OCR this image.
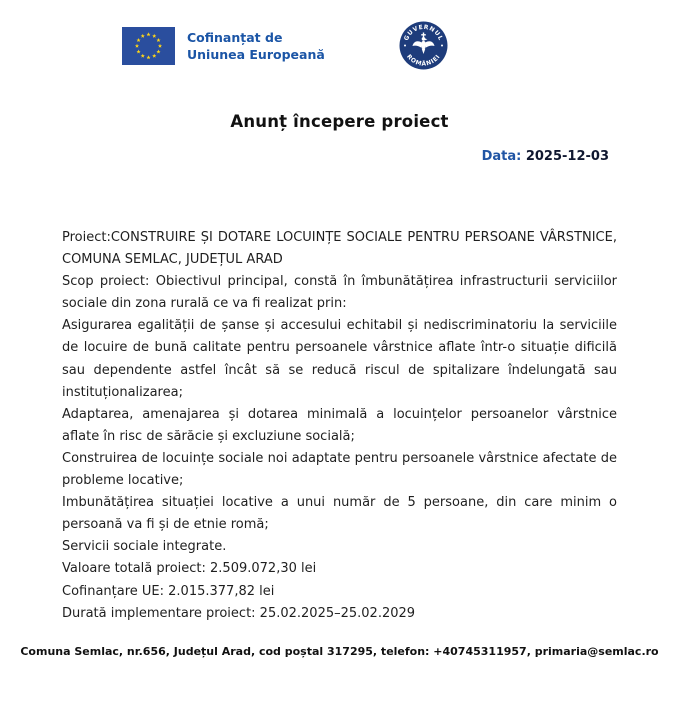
Cofinanțat de
Uniunea Europeană
GUVERNUL
ROMÂNIEI
Anunț începere proiect
Data: 2025-12-03

Proiect:CONSTRUIRE ȘI DOTARE LOCUINȚE SOCIALE PENTRU PERSOANE VÂRSTNICE, COMUNA SEMLAC, JUDEȚUL ARAD

Scop proiect: Obiectivul principal, constă în îmbunătățirea infrastructurii serviciilor sociale din zona rurală ce va fi realizat prin:

Asigurarea egalității de șanse și accesului echitabil și nediscriminatoriu la serviciile de locuire de bună calitate pentru persoanele vârstnice aflate într-o situație dificilă sau dependente astfel încât să se reducă riscul de spitalizare îndelungată sau instituționalizarea;

Adaptarea, amenajarea și dotarea minimală a locuințelor persoanelor vârstnice aflate în risc de sărăcie și excluziune socială;

Construirea de locuințe sociale noi adaptate pentru persoanele vârstnice afectate de probleme locative;

Imbunătățirea situației locative a unui număr de 5 persoane, din care minim o persoană va fi și de etnie romă;

Servicii sociale integrate.

Valoare totală proiect: 2.509.072,30 lei

Cofinanțare UE: 2.015.377,82 lei

Durată implementare proiect: 25.02.2025–25.02.2029

Comuna Semlac, nr.656, Județul Arad, cod poștal 317295, telefon: +40745311957, primaria@semlac.ro
